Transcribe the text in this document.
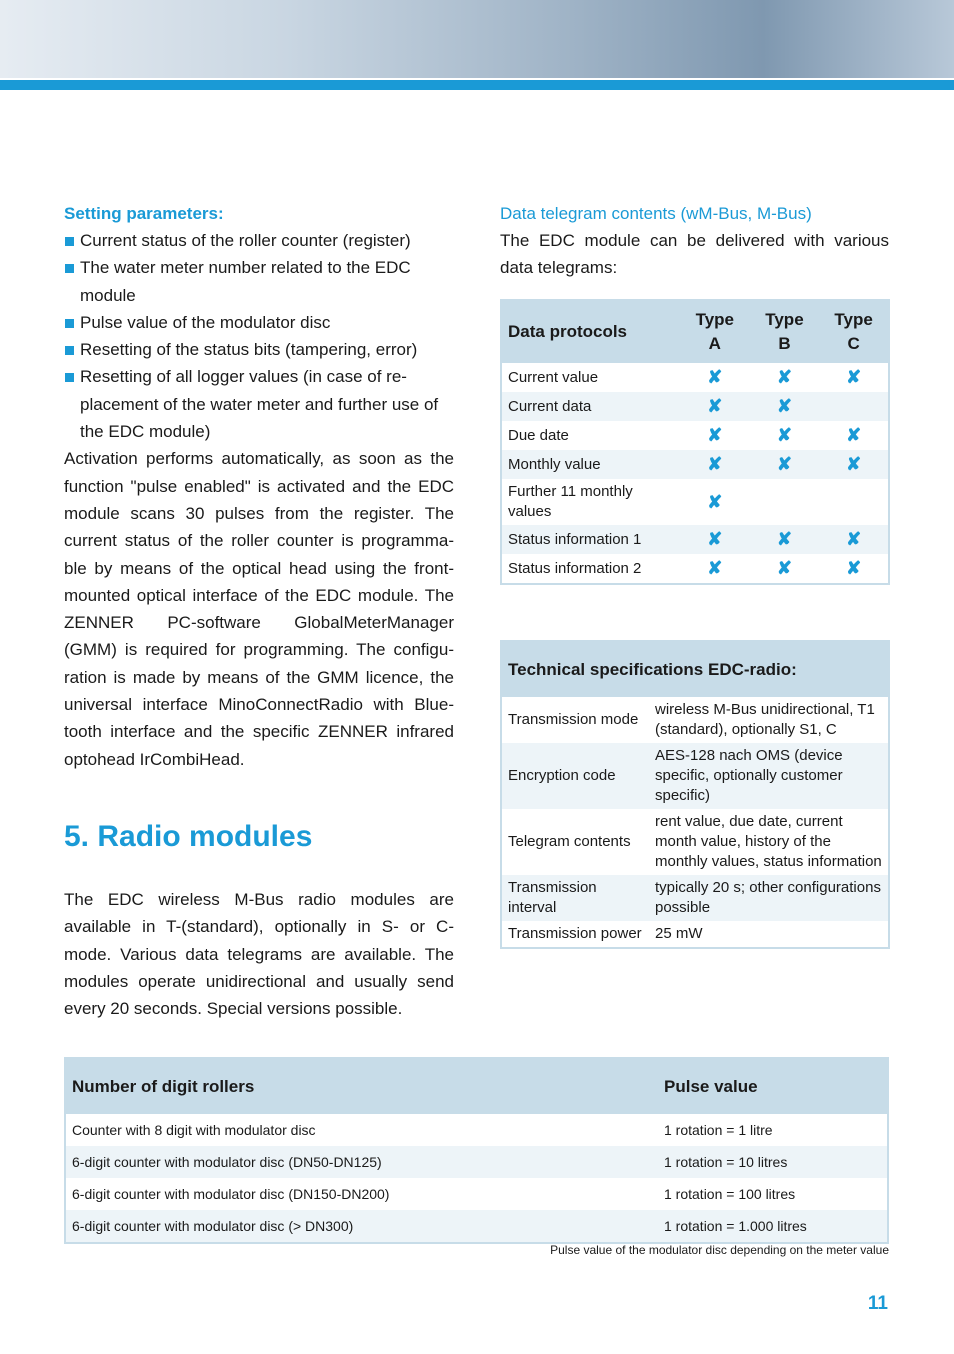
Setting parameters:
Current status of the roller counter (register)
The water meter number related to the EDC module
Pulse value of the modulator disc
Resetting of the status bits (tampering, error)
Resetting of all logger values (in case of re-placement of the water meter and further use of the EDC module)

Activation performs automatically, as soon as the function "pulse enabled" is activated and the EDC module scans 30 pulses from the register. The current status of the roller counter is programma-ble by means of the optical head using the front-mounted optical interface of the EDC module. The ZENNER PC-software GlobalMeterManager (GMM) is required for programming. The configu-ration is made by means of the GMM licence, the universal interface MinoConnectRadio with Blue-tooth interface and the specific ZENNER infrared optohead IrCombiHead.

5. Radio modules

The EDC wireless M-Bus radio modules are available in T-(standard), optionally in S- or C-mode. Various data telegrams are available. The modules operate unidirectional and usually send every 20 seconds. Special versions possible.

Data telegram contents (wM-Bus, M-Bus)

The EDC module can be delivered with various data telegrams:

Data protocols	Type A	Type B	Type C

Current value	✘	✘	✘
Current data	✘	✘	
Due date	✘	✘	✘
Monthly value	✘	✘	✘
Further 11 monthly values	✘		
Status information 1	✘	✘	✘
Status information 2	✘	✘	✘
Technical specifications EDC-radio:	
Transmission mode	wireless M-Bus unidirectional, T1 (standard), optionally S1, C
Encryption code	AES-128 nach OMS (device specific, optionally customer specific)
Telegram contents	rent value, due date, current month value, history of the monthly values, status information
Transmission interval	typically 20 s; other configurations possible
Transmission power	25 mW
Number of digit rollers	Pulse value
Counter with 8 digit with modulator disc	1 rotation = 1 litre
6-digit counter with modulator disc (DN50-DN125)	1 rotation = 10 litres
6-digit counter with modulator disc (DN150-DN200)	1 rotation = 100 litres
6-digit counter with modulator disc (> DN300)	1 rotation = 1.000 litres
Pulse value of the modulator disc depending on the meter value
11
